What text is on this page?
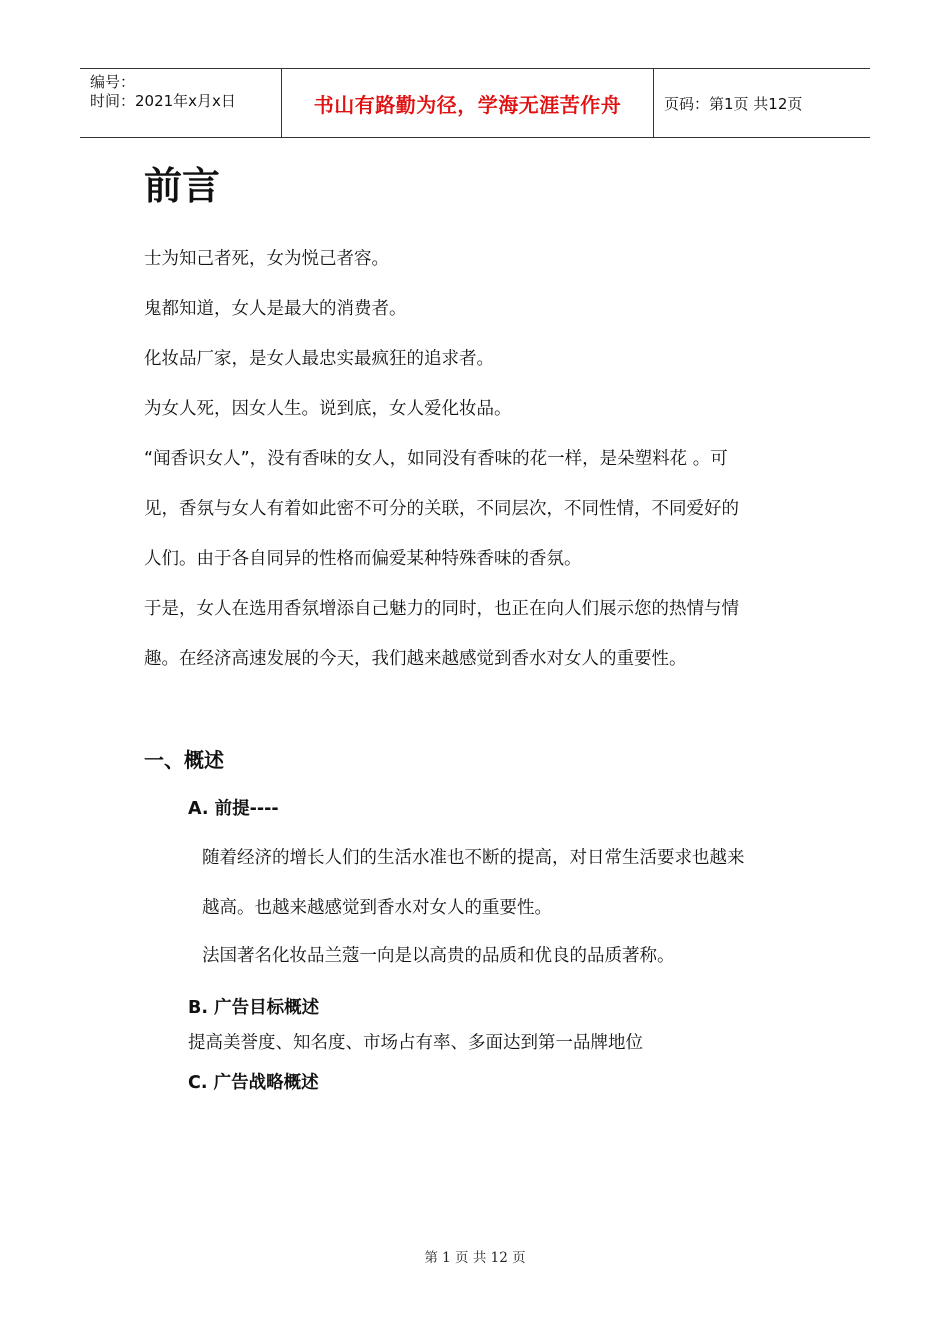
编号：
时间：2021年x月x日	书山有路勤为径，学海无涯苦作舟	页码：第1页 共12页
前言
士为知己者死，女为悦己者容。
鬼都知道，女人是最大的消费者。
化妆品厂家，是女人最忠实最疯狂的追求者。
为女人死，因女人生。说到底，女人爱化妆品。
“闻香识女人”，没有香味的女人，如同没有香味的花一样，是朵塑料花 。可
见，香氛与女人有着如此密不可分的关联，不同层次，不同性情，不同爱好的
人们。由于各自同异的性格而偏爱某种特殊香味的香氛。
于是，女人在选用香氛增添自己魅力的同时，也正在向人们展示您的热情与情
趣。在经济高速发展的今天，我们越来越感觉到香水对女人的重要性。
一、概述
A. 前提----
随着经济的增长人们的生活水准也不断的提高，对日常生活要求也越来
越高。也越来越感觉到香水对女人的重要性。
法国著名化妆品兰蔻一向是以高贵的品质和优良的品质著称。
B. 广告目标概述
提高美誉度、知名度、市场占有率、多面达到第一品牌地位
C. 广告战略概述
第 1 页 共 12 页
